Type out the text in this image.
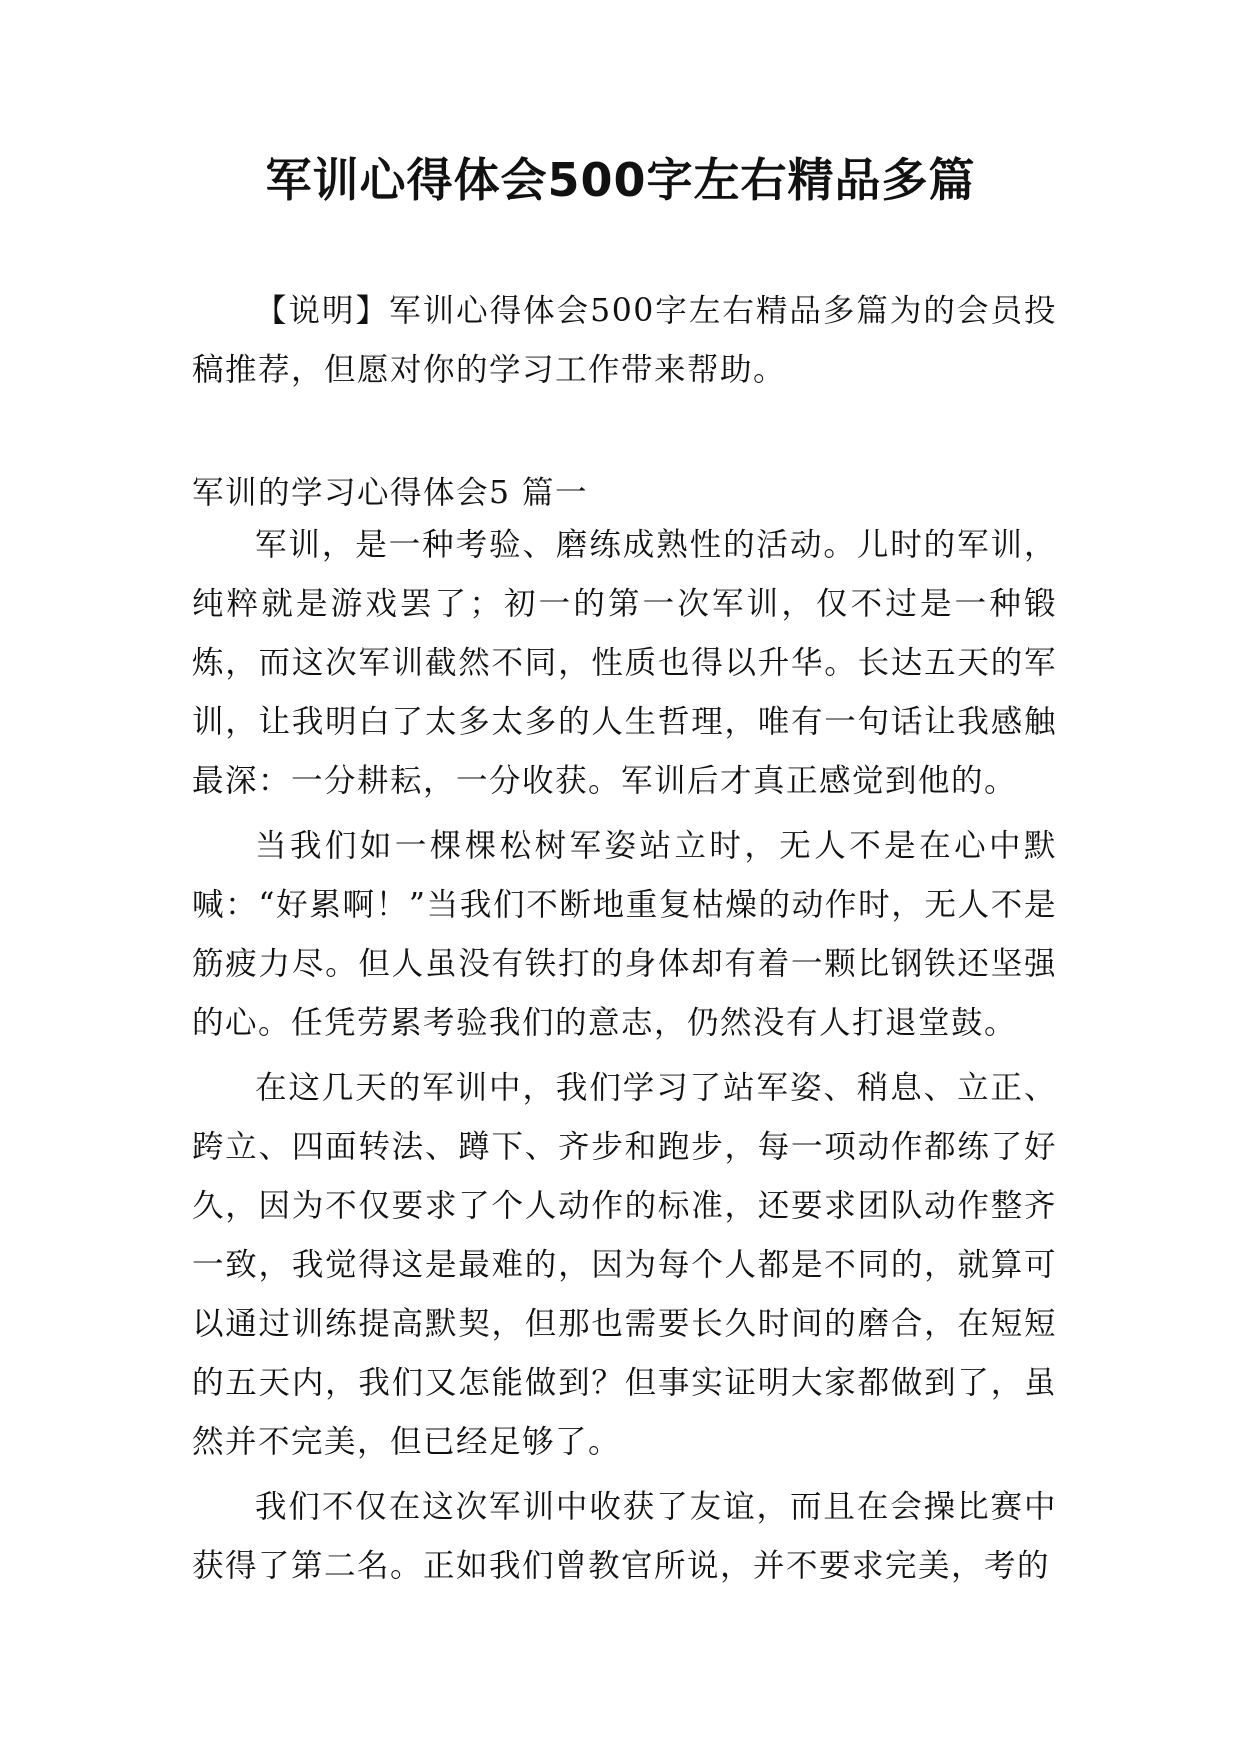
军训心得体会500字左右精品多篇

【说明】军训心得体会500字左右精品多篇为的会员投稿推荐，但愿对你的学习工作带来帮助。

军训的学习心得体会5 篇一

军训，是一种考验、磨练成熟性的活动。儿时的军训，纯粹就是游戏罢了；初一的第一次军训，仅不过是一种锻炼，而这次军训截然不同，性质也得以升华。长达五天的军训，让我明白了太多太多的人生哲理，唯有一句话让我感触最深：一分耕耘，一分收获。军训后才真正感觉到他的。

当我们如一棵棵松树军姿站立时，无人不是在心中默喊：“好累啊！”当我们不断地重复枯燥的动作时，无人不是筋疲力尽。但人虽没有铁打的身体却有着一颗比钢铁还坚强的心。任凭劳累考验我们的意志，仍然没有人打退堂鼓。

在这几天的军训中，我们学习了站军姿、稍息、立正、跨立、四面转法、蹲下、齐步和跑步，每一项动作都练了好久，因为不仅要求了个人动作的标准，还要求团队动作整齐一致，我觉得这是最难的，因为每个人都是不同的，就算可以通过训练提高默契，但那也需要长久时间的磨合，在短短的五天内，我们又怎能做到？但事实证明大家都做到了，虽然并不完美，但已经足够了。

我们不仅在这次军训中收获了友谊，而且在会操比赛中获得了第二名。正如我们曾教官所说，并不要求完美，考的
